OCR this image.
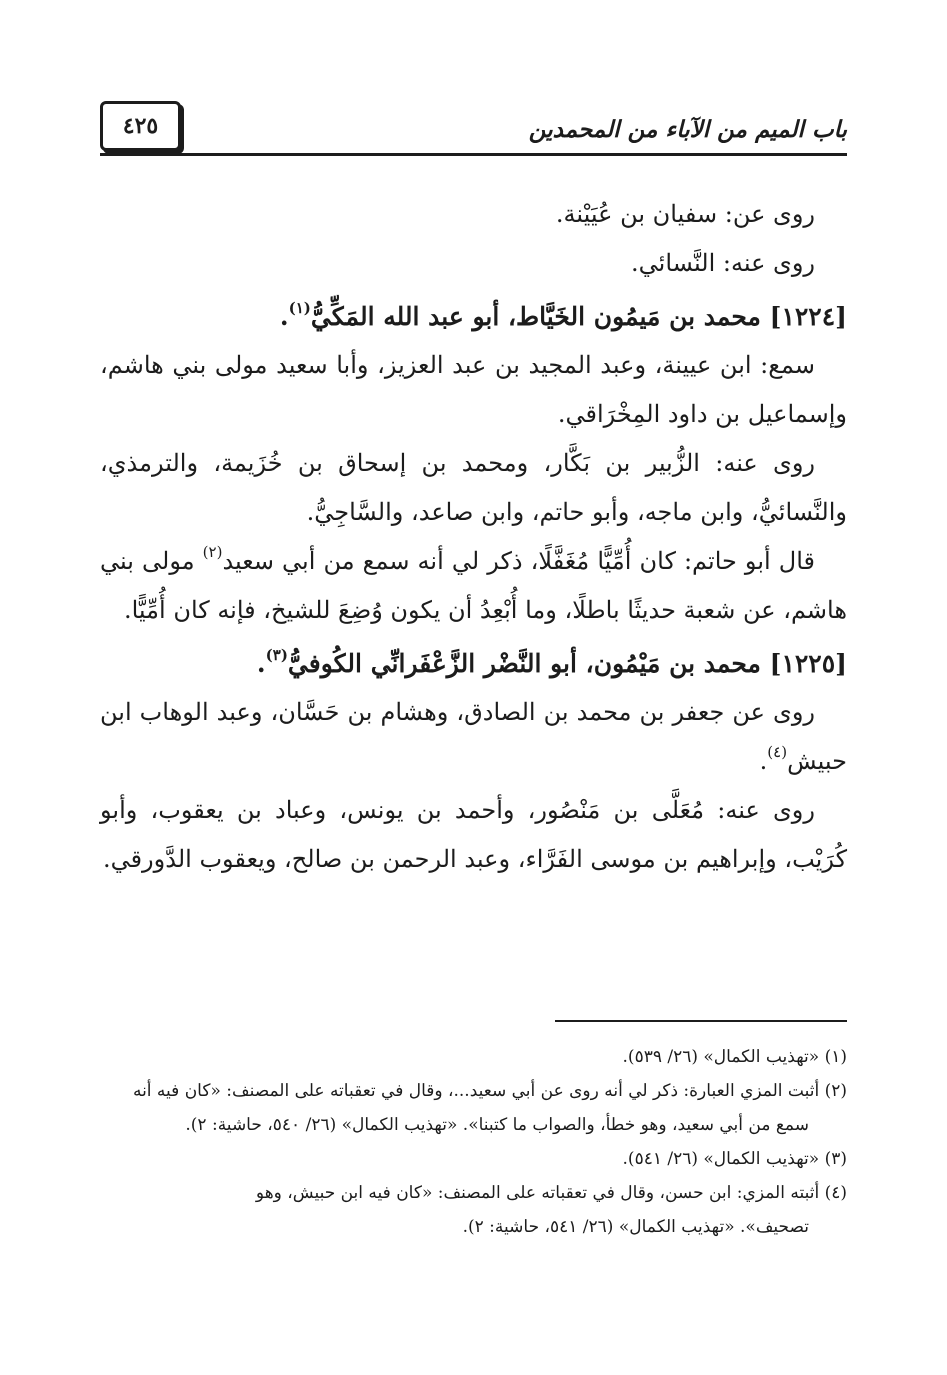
٤٢٥	باب الميم من الآباء من المحمدين

روى عن: سفيان بن عُيَيْنة.

روى عنه: النَّسائي.

[١٢٢٤] محمد بن مَيمُون الخَيَّاط، أبو عبد الله المَكِّيُّ$^{(١)}$.

سمع: ابن عيينة، وعبد المجيد بن عبد العزيز، وأبا سعيد مولى بني هاشم، وإسماعيل بن داود المِخْرَاقي.

روى عنه: الزُّبير بن بَكَّار، ومحمد بن إسحاق بن خُزَيمة، والترمذي، والنَّسائيُّ، وابن ماجه، وأبو حاتم، وابن صاعد، والسَّاجِيُّ.

قال أبو حاتم: كان أُمِّيًّا مُغَفَّلًا، ذكر لي أنه سمع من أبي سعيد$^{(٢)}$ مولى بني هاشم، عن شعبة حديثًا باطلًا، وما أُبْعِدُ أن يكون وُضِعَ للشيخ، فإنه كان أُمِّيًّا.

[١٢٢٥] محمد بن مَيْمُون، أبو النَّضْر الزَّعْفَرانِّي الكُوفيُّ$^{(٣)}$.

روى عن جعفر بن محمد بن الصادق، وهشام بن حَسَّان، وعبد الوهاب ابن حبيش$^{(٤)}$.

روى عنه: مُعَلَّى بن مَنْصُور، وأحمد بن يونس، وعباد بن يعقوب، وأبو كُرَيْب، وإبراهيم بن موسى الفَرَّاء، وعبد الرحمن بن صالح، ويعقوب الدَّورقي.

(١) «تهذيب الكمال» (٢٦/ ٥٣٩).

(٢) أثبت المزي العبارة: ذكر لي أنه روى عن أبي سعيد...، وقال في تعقباته على المصنف: «كان فيه أنه

سمع من أبي سعيد، وهو خطأ، والصواب ما كتبنا». «تهذيب الكمال» (٢٦/ ٥٤٠، حاشية: ٢).

(٣) «تهذيب الكمال» (٢٦/ ٥٤١).

(٤) أثبته المزي: ابن حسن، وقال في تعقباته على المصنف: «كان فيه ابن حبيش، وهو

تصحيف». «تهذيب الكمال» (٢٦/ ٥٤١، حاشية: ٢).
